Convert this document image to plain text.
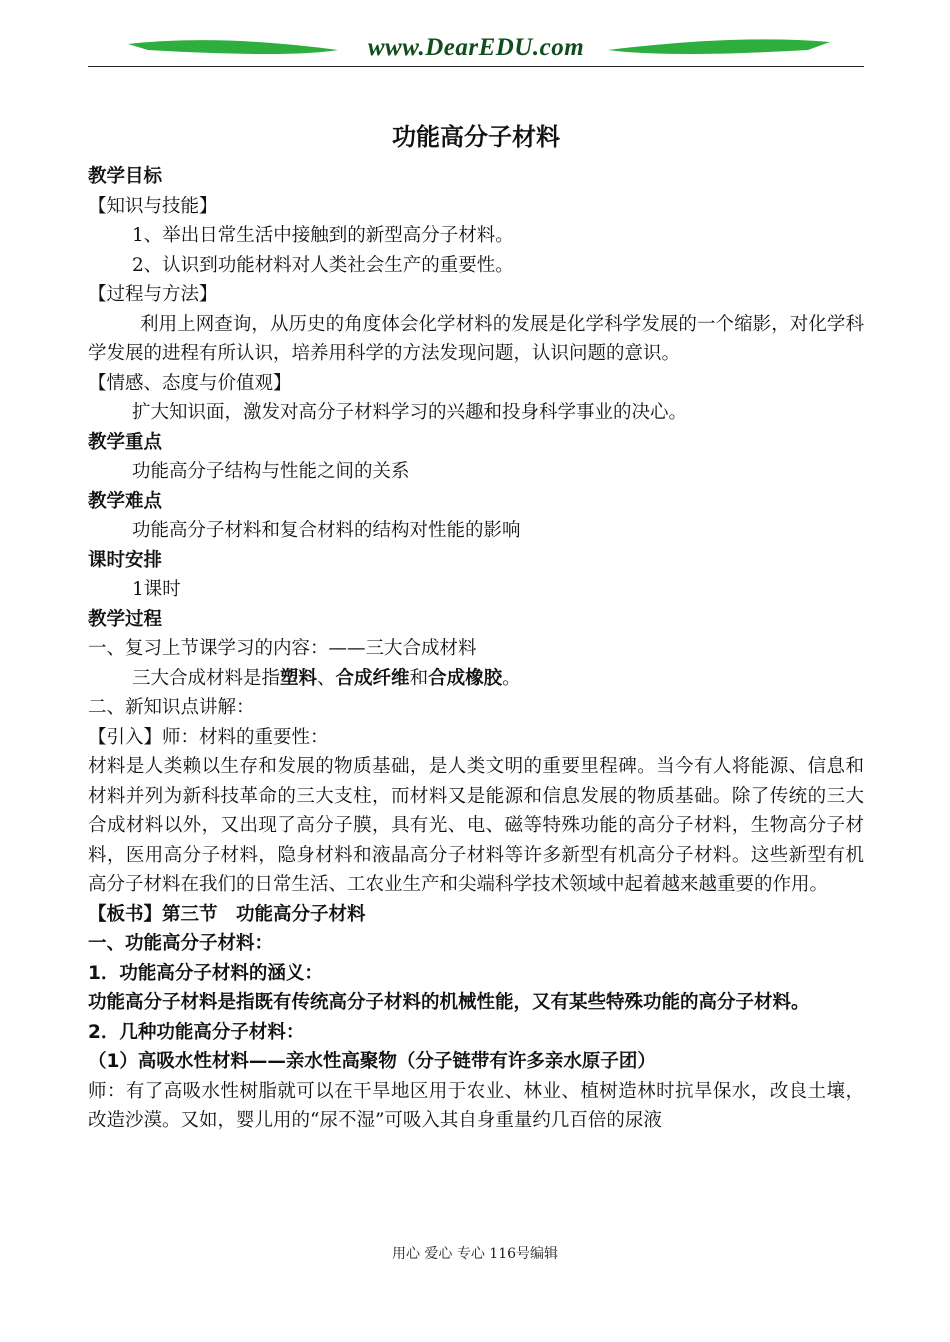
www.DearEDU.com
功能高分子材料
教学目标
【知识与技能】
1、举出日常生活中接触到的新型高分子材料。
2、认识到功能材料对人类社会生产的重要性。
【过程与方法】
利用上网查询，从历史的角度体会化学材料的发展是化学科学发展的一个缩影，对化学科学发展的进程有所认识，培养用科学的方法发现问题，认识问题的意识。
【情感、态度与价值观】
扩大知识面，激发对高分子材料学习的兴趣和投身科学事业的决心。
教学重点
功能高分子结构与性能之间的关系
教学难点
功能高分子材料和复合材料的结构对性能的影响
课时安排
1课时
教学过程
一、复习上节课学习的内容：——三大合成材料
三大合成材料是指塑料、合成纤维和合成橡胶。
二、新知识点讲解：
【引入】师：材料的重要性：
材料是人类赖以生存和发展的物质基础，是人类文明的重要里程碑。当今有人将能源、信息和材料并列为新科技革命的三大支柱，而材料又是能源和信息发展的物质基础。除了传统的三大合成材料以外，又出现了高分子膜，具有光、电、磁等特殊功能的高分子材料，生物高分子材料，医用高分子材料，隐身材料和液晶高分子材料等许多新型有机高分子材料。这些新型有机高分子材料在我们的日常生活、工农业生产和尖端科学技术领域中起着越来越重要的作用。
【板书】第三节　功能高分子材料
一、功能高分子材料：
1．功能高分子材料的涵义：
功能高分子材料是指既有传统高分子材料的机械性能，又有某些特殊功能的高分子材料。
2．几种功能高分子材料：
（1）高吸水性材料——亲水性高聚物（分子链带有许多亲水原子团）
师：有了高吸水性树脂就可以在干旱地区用于农业、林业、植树造林时抗旱保水，改良土壤，改造沙漠。又如，婴儿用的“尿不湿”可吸入其自身重量约几百倍的尿液
用心 爱心 专心 116号编辑
